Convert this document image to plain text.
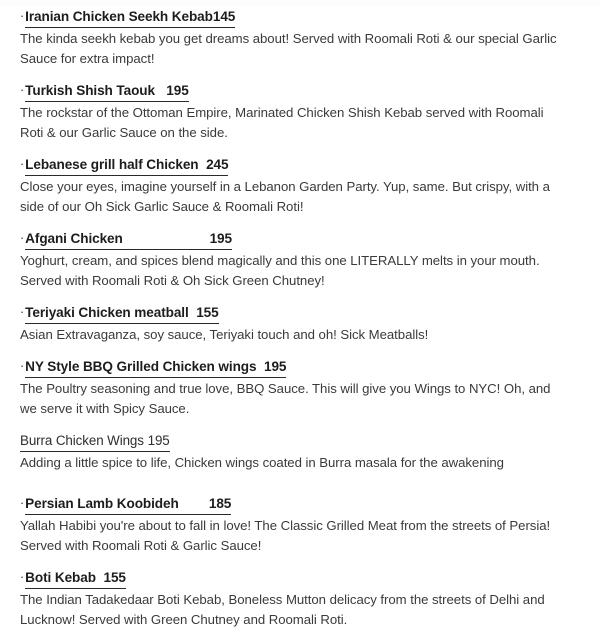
·Iranian Chicken Seekh Kebab145

The kinda seekh kebab you get dreams about! Served with Roomali Roti & our special Garlic Sauce for extra impact!

·Turkish Shish Taouk 195

The rockstar of the Ottoman Empire, Marinated Chicken Shish Kebab served with Roomali Roti & our Garlic Sauce on the side.

·Lebanese grill half Chicken 245

Close your eyes, imagine yourself in a Lebanon Garden Party. Yup, same. But crispy, with a side of our Oh Sick Garlic Sauce & Roomali Roti!

·Afgani Chicken	195

Yoghurt, cream, and spices blend magically and this one LITERALLY melts in your mouth. Served with Roomali Roti & Oh Sick Green Chutney!

·Teriyaki Chicken meatball 155

Asian Extravaganza, soy sauce, Teriyaki touch and oh! Sick Meatballs!

·NY Style BBQ Grilled Chicken wings 195

The Poultry seasoning and true love, BBQ Sauce. This will give you Wings to NYC! Oh, and we serve it with Spicy Sauce.

Burra Chicken Wings 195

Adding a little spice to life, Chicken wings coated in Burra masala for the awakening

·Persian Lamb Koobideh 185

Yallah Habibi you're about to fall in love! The Classic Grilled Meat from the streets of Persia! Served with Roomali Roti & Garlic Sauce!

·Boti Kebab 155

The Indian Tadakedaar Boti Kebab, Boneless Mutton delicacy from the streets of Delhi and Lucknow! Served with Green Chutney and Roomali Roti.
